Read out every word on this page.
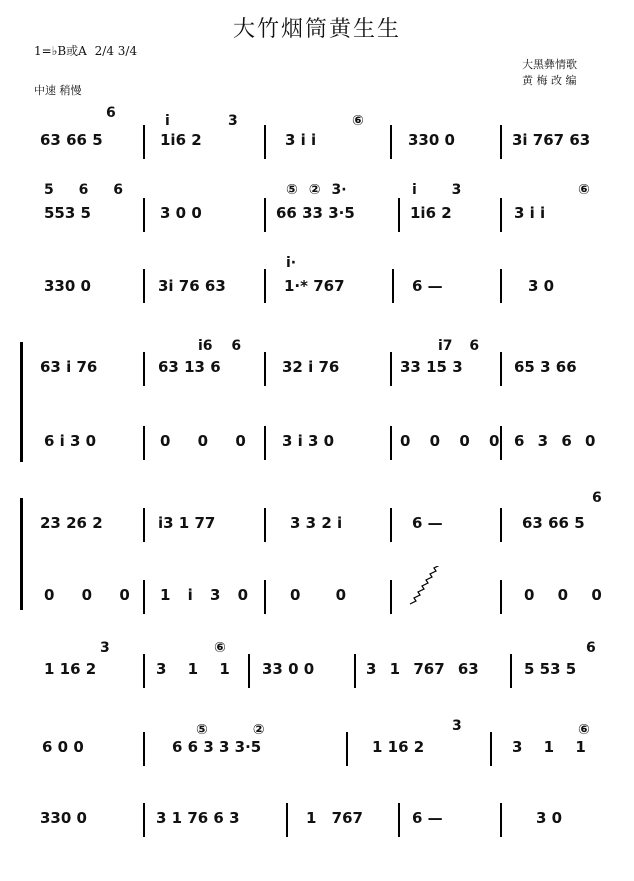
大竹烟筒黄生生
1=♭B或A 2/4 3/4
大黑彝情歌
黄 梅 改 编
中速 稍慢
6	i	3	⑥
63 66 5	1i6 2	3 i i	330 0	3i 767 63
5 6 6	⑤ ② 3·	i 3	⑥
553 5	3 0 0	66 33 3·5	1i6 2	3 i i
i·
330 0	3i 76 63	1·* 767	6 —	3 0
i6 6	i7 6
63 i 76	63 13 6	32 i 76	33 15 3	65 3 66
6 i 3 0	0 0 0 3 i 3 0	0 0 0 0 6 3 6 0
6
23 26 2	i3 1 77	3 3 2 i	6 —	63 66 5
0 0 0 1 i 3 0	0 0	0 0 0
3	⑥	6
1 16 2	3 1 1 33 0 0	3 1 767 63	5 53 5
⑤ ②	3	⑥
6 0 0	6 6 3 3 3·5	1 16 2	3 1 1
330 0	3 1 76 6 3	1 767	6 —	3 0
